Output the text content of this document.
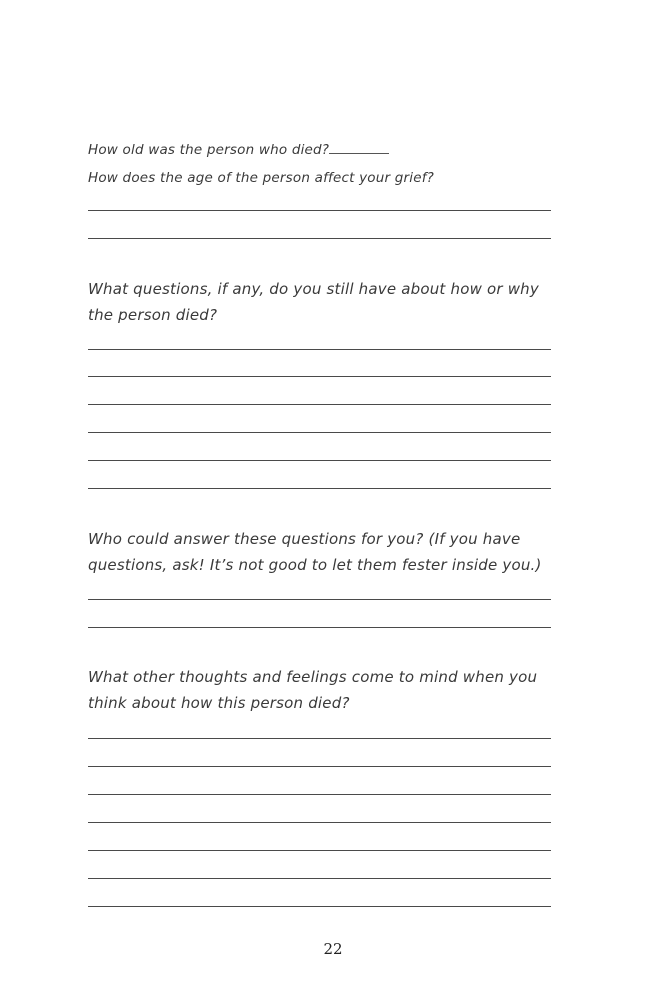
How old was the person who died?
How does the age of the person affect your grief?
What questions, if any, do you still have about how or why
the person died?
Who could answer these questions for you? (If you have
questions, ask! It’s not good to let them fester inside you.)
What other thoughts and feelings come to mind when you
think about how this person died?
22
